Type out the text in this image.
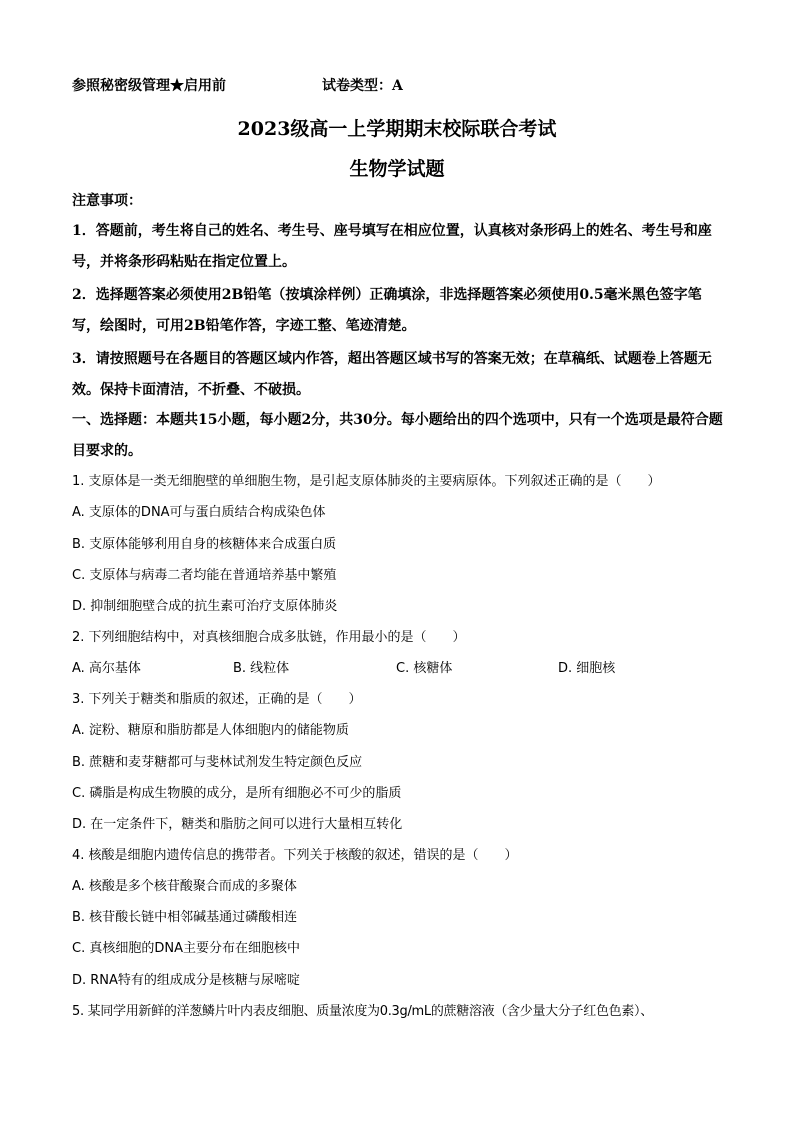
参照秘密级管理★启用前	试卷类型：A
2023级高一上学期期末校际联合考试
生物学试题
注意事项：

1．答题前，考生将自己的姓名、考生号、座号填写在相应位置，认真核对条形码上的姓名、考生号和座号，并将条形码粘贴在指定位置上。

2．选择题答案必须使用2B铅笔（按填涂样例）正确填涂，非选择题答案必须使用0.5毫米黑色签字笔写，绘图时，可用2B铅笔作答，字迹工整、笔迹清楚。

3．请按照题号在各题目的答题区域内作答，超出答题区域书写的答案无效；在草稿纸、试题卷上答题无效。保持卡面清洁，不折叠、不破损。

一、选择题：本题共15小题，每小题2分，共30分。每小题给出的四个选项中，只有一个选项是最符合题目要求的。

1. 支原体是一类无细胞壁的单细胞生物，是引起支原体肺炎的主要病原体。下列叙述正确的是（　　）
A. 支原体的DNA可与蛋白质结合构成染色体
B. 支原体能够利用自身的核糖体来合成蛋白质
C. 支原体与病毒二者均能在普通培养基中繁殖
D. 抑制细胞壁合成的抗生素可治疗支原体肺炎
2. 下列细胞结构中，对真核细胞合成多肽链，作用最小的是（　　）
A. 高尔基体	B. 线粒体	C. 核糖体	D. 细胞核
3. 下列关于糖类和脂质的叙述，正确的是（　　）
A. 淀粉、糖原和脂肪都是人体细胞内的储能物质
B. 蔗糖和麦芽糖都可与斐林试剂发生特定颜色反应
C. 磷脂是构成生物膜的成分，是所有细胞必不可少的脂质
D. 在一定条件下，糖类和脂肪之间可以进行大量相互转化
4. 核酸是细胞内遗传信息的携带者。下列关于核酸的叙述，错误的是（　　）
A. 核酸是多个核苷酸聚合而成的多聚体
B. 核苷酸长链中相邻碱基通过磷酸相连
C. 真核细胞的DNA主要分布在细胞核中
D. RNA特有的组成成分是核糖与尿嘧啶
5. 某同学用新鲜的洋葱鳞片叶内表皮细胞、质量浓度为0.3g/mL的蔗糖溶液（含少量大分子红色色素）、
